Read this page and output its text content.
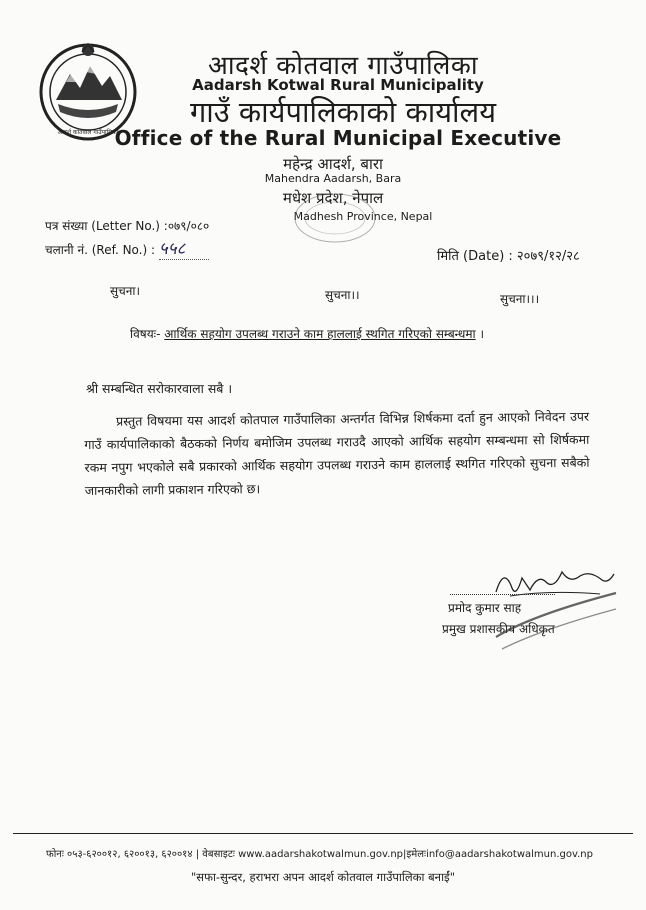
आदर्श कोतवाल गाउँपालिका
आदर्श कोतवाल गाउँपालिका
Aadarsh Kotwal Rural Municipality
गाउँ कार्यपालिकाको कार्यालय
Office of the Rural Municipal Executive
महेन्द्र आदर्श, बारा
Mahendra Aadarsh, Bara
मधेश प्रदेश, नेपाल
Madhesh Province, Nepal
पत्र संख्या (Letter No.) :०७९/०८०
चलानी नं. (Ref. No.) : ५५८	मिति (Date) : २०७९/१२/२८
सुचना।	सुचना।।	सुचना।।।
विषयः- आर्थिक सहयोग उपलब्ध गराउने काम हाललाई स्थगित गरिएको सम्बन्धमा ।
श्री सम्बन्धित सरोकारवाला सबै ।
प्रस्तुत विषयमा यस आदर्श कोतपाल गाउँपालिका अन्तर्गत विभिन्न शिर्षकमा दर्ता हुन आएको निवेदन उपर गाउँ कार्यपालिकाको बैठकको निर्णय बमोजिम उपलब्ध गराउदै आएको आर्थिक सहयोग सम्बन्धमा सो शिर्षकमा रकम नपुग भएकोले सबै प्रकारको आर्थिक सहयोग उपलब्ध गराउने काम हाललाई स्थगित गरिएको सुचना सबैको जानकारीको लागी प्रकाशन गरिएको छ।
प्रमोद कुमार साह
प्रमुख प्रशासकीय अधिकृत
फोनः ०५३-६२००१२, ६२००१३, ६२००१४ | वेबसाइटः www.aadarshakotwalmun.gov.np|इमेलःinfo@aadarshakotwalmun.gov.np
"सफा-सुन्दर, हराभरा अपन आदर्श कोतवाल गाउँपालिका बनाईं"
